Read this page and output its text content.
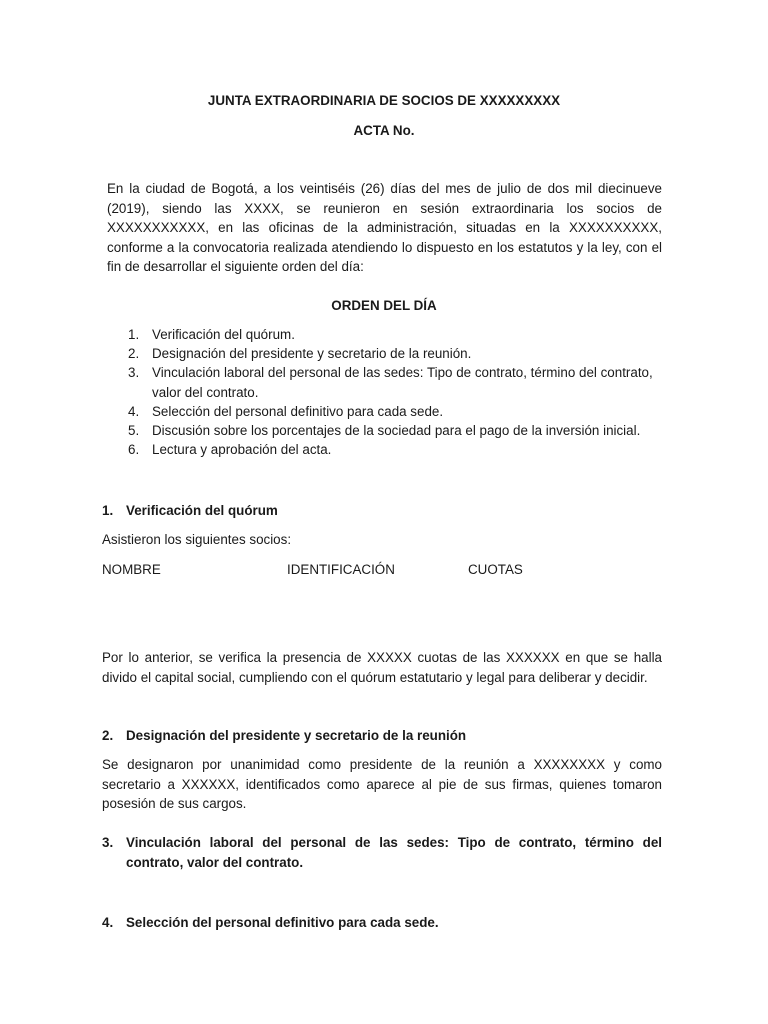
JUNTA EXTRAORDINARIA DE SOCIOS DE XXXXXXXXX
ACTA No.
En la ciudad de Bogotá, a los veintiséis (26) días del mes de julio de dos mil diecinueve (2019), siendo las XXXX, se reunieron en sesión extraordinaria los socios de XXXXXXXXXXX, en las oficinas de la administración, situadas en la XXXXXXXXXX, conforme a la convocatoria realizada atendiendo lo dispuesto en los estatutos y la ley, con el fin de desarrollar el siguiente orden del día:
ORDEN DEL DÍA
1. Verificación del quórum.
2. Designación del presidente y secretario de la reunión.
3. Vinculación laboral del personal de las sedes: Tipo de contrato, término del contrato, valor del contrato.
4. Selección del personal definitivo para cada sede.
5. Discusión sobre los porcentajes de la sociedad para el pago de la inversión inicial.
6. Lectura y aprobación del acta.
1. Verificación del quórum
Asistieron los siguientes socios:
NOMBRE	IDENTIFICACIÓN	CUOTAS
Por lo anterior, se verifica la presencia de XXXXX cuotas de las XXXXXX en que se halla divido el capital social, cumpliendo con el quórum estatutario y legal para deliberar y decidir.
2. Designación del presidente y secretario de la reunión
Se designaron por unanimidad como presidente de la reunión a XXXXXXXX y como secretario a XXXXXX, identificados como aparece al pie de sus firmas, quienes tomaron posesión de sus cargos.
3. Vinculación laboral del personal de las sedes: Tipo de contrato, término del contrato, valor del contrato.
4. Selección del personal definitivo para cada sede.
